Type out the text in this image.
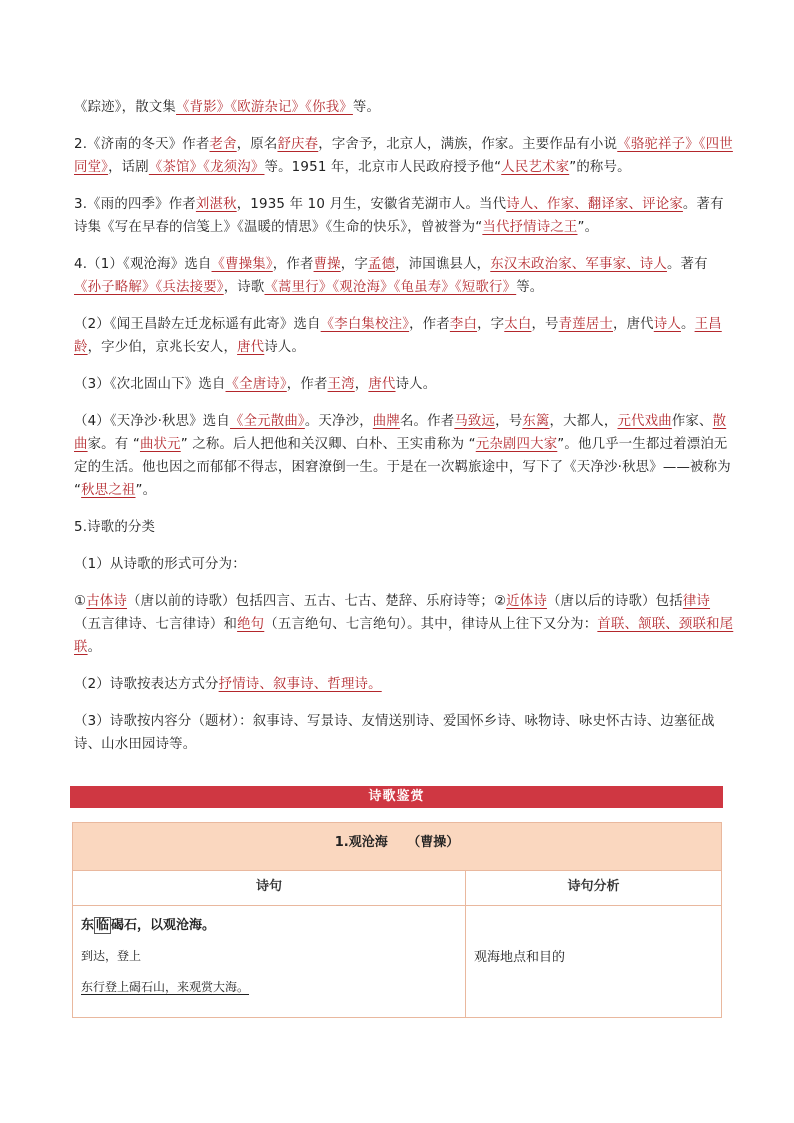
《踪迹》，散文集《背影》《欧游杂记》《你我》等。

2.《济南的冬天》作者老舍，原名舒庆春，字舍予，北京人，满族，作家。主要作品有小说《骆驼祥子》《四世同堂》，话剧《茶馆》《龙须沟》等。1951 年，北京市人民政府授予他“人民艺术家”的称号。

3.《雨的四季》作者刘湛秋，1935 年 10 月生，安徽省芜湖市人。当代诗人、作家、翻译家、评论家。著有诗集《写在早春的信笺上》《温暖的情思》《生命的快乐》，曾被誉为“当代抒情诗之王”。

4.（1）《观沧海》选自《曹操集》，作者曹操，字孟德，沛国谯县人，东汉末政治家、军事家、诗人。著有《孙子略解》《兵法接要》，诗歌《蒿里行》《观沧海》《龟虽寿》《短歌行》等。

（2）《闻王昌龄左迁龙标遥有此寄》选自《李白集校注》，作者李白，字太白，号青莲居士，唐代诗人。王昌龄，字少伯，京兆长安人，唐代诗人。

（3）《次北固山下》选自《全唐诗》，作者王湾，唐代诗人。

（4）《天净沙·秋思》选自《全元散曲》。天净沙，曲牌名。作者马致远，号东篱，大都人，元代戏曲作家、散曲家。有 “曲状元” 之称。后人把他和关汉卿、白朴、王实甫称为 “元杂剧四大家”。他几乎一生都过着漂泊无定的生活。他也因之而郁郁不得志，困窘潦倒一生。于是在一次羁旅途中，写下了《天净沙·秋思》——被称为 “秋思之祖”。

5.诗歌的分类

（1）从诗歌的形式可分为：

①古体诗（唐以前的诗歌）包括四言、五古、七古、楚辞、乐府诗等；②近体诗（唐以后的诗歌）包括律诗（五言律诗、七言律诗）和绝句（五言绝句、七言绝句）。其中，律诗从上往下又分为：首联、颔联、颈联和尾联。

（2）诗歌按表达方式分抒情诗、叙事诗、哲理诗。

（3）诗歌按内容分（题材）：叙事诗、写景诗、友情送别诗、爱国怀乡诗、咏物诗、咏史怀古诗、边塞征战诗、山水田园诗等。

诗歌鉴赏
1.观沧海　　（曹操）	
诗句	诗句分析

东 临 碣石，以观沧海。
到达，登上
东行登上碣石山，来观赏大海。	观海地点和目的
